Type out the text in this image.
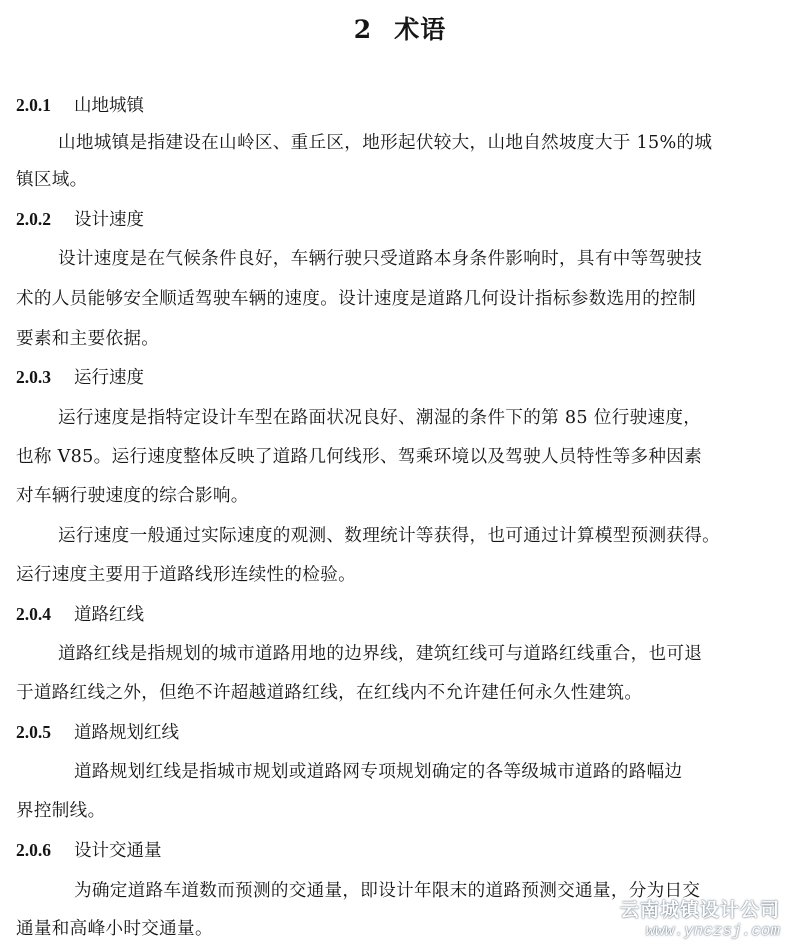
2 术语
2.0.1 山地城镇
山地城镇是指建设在山岭区、重丘区，地形起伏较大，山地自然坡度大于 15%的城
镇区域。
2.0.2 设计速度
设计速度是在气候条件良好，车辆行驶只受道路本身条件影响时，具有中等驾驶技
术的人员能够安全顺适驾驶车辆的速度。设计速度是道路几何设计指标参数选用的控制
要素和主要依据。
2.0.3 运行速度
运行速度是指特定设计车型在路面状况良好、潮湿的条件下的第 85 位行驶速度，
也称 V85。运行速度整体反映了道路几何线形、驾乘环境以及驾驶人员特性等多种因素
对车辆行驶速度的综合影响。
运行速度一般通过实际速度的观测、数理统计等获得，也可通过计算模型预测获得。
运行速度主要用于道路线形连续性的检验。
2.0.4 道路红线
道路红线是指规划的城市道路用地的边界线，建筑红线可与道路红线重合，也可退
于道路红线之外，但绝不许超越道路红线，在红线内不允许建任何永久性建筑。
2.0.5 道路规划红线
道路规划红线是指城市规划或道路网专项规划确定的各等级城市道路的路幅边
界控制线。
2.0.6 设计交通量
为确定道路车道数而预测的交通量，即设计年限末的道路预测交通量，分为日交
通量和高峰小时交通量。
云南城镇设计公司
www.ynczsj.com
